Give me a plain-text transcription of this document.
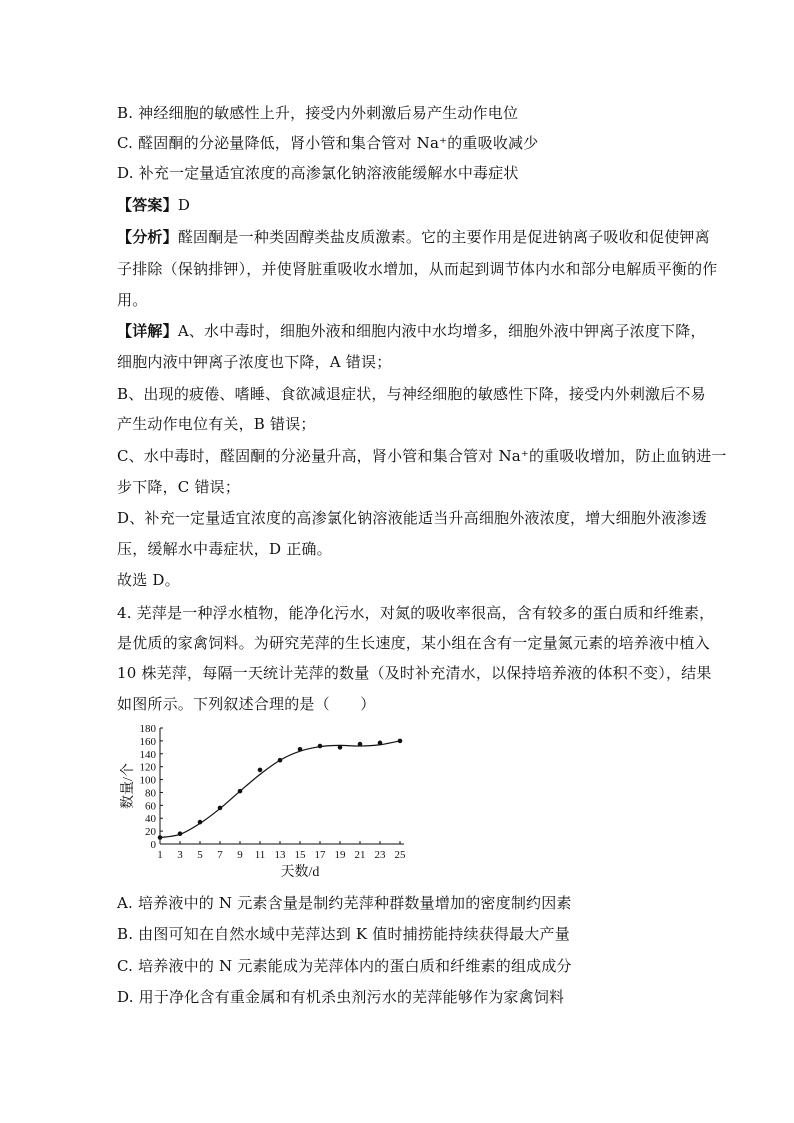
B. 神经细胞的敏感性上升，接受内外刺激后易产生动作电位
C. 醛固酮的分泌量降低，肾小管和集合管对 Na⁺的重吸收减少
D. 补充一定量适宜浓度的高渗氯化钠溶液能缓解水中毒症状
【答案】D
【分析】醛固酮是一种类固醇类盐皮质激素。它的主要作用是促进钠离子吸收和促使钾离
子排除（保钠排钾），并使肾脏重吸收水增加，从而起到调节体内水和部分电解质平衡的作
用。
【详解】A、水中毒时，细胞外液和细胞内液中水均增多，细胞外液中钾离子浓度下降，
细胞内液中钾离子浓度也下降，A 错误；
B、出现的疲倦、嗜睡、食欲减退症状，与神经细胞的敏感性下降，接受内外刺激后不易
产生动作电位有关，B 错误；
C、水中毒时，醛固酮的分泌量升高，肾小管和集合管对 Na⁺的重吸收增加，防止血钠进一
步下降，C 错误；
D、补充一定量适宜浓度的高渗氯化钠溶液能适当升高细胞外液浓度，增大细胞外液渗透
压，缓解水中毒症状，D 正确。
故选 D。
4. 芜萍是一种浮水植物，能净化污水，对氮的吸收率很高，含有较多的蛋白质和纤维素，
是优质的家禽饲料。为研究芜萍的生长速度，某小组在含有一定量氮元素的培养液中植入
10 株芜萍，每隔一天统计芜萍的数量（及时补充清水，以保持培养液的体积不变），结果
如图所示。下列叙述合理的是（　　）
0
20
40
60
80
100
120
140
160
180
1 3 5 7 9 11 13 15 17 19 21 23 25
数量/个
天数/d
A. 培养液中的 N 元素含量是制约芜萍种群数量增加的密度制约因素
B. 由图可知在自然水域中芜萍达到 K 值时捕捞能持续获得最大产量
C. 培养液中的 N 元素能成为芜萍体内的蛋白质和纤维素的组成成分
D. 用于净化含有重金属和有机杀虫剂污水的芜萍能够作为家禽饲料
